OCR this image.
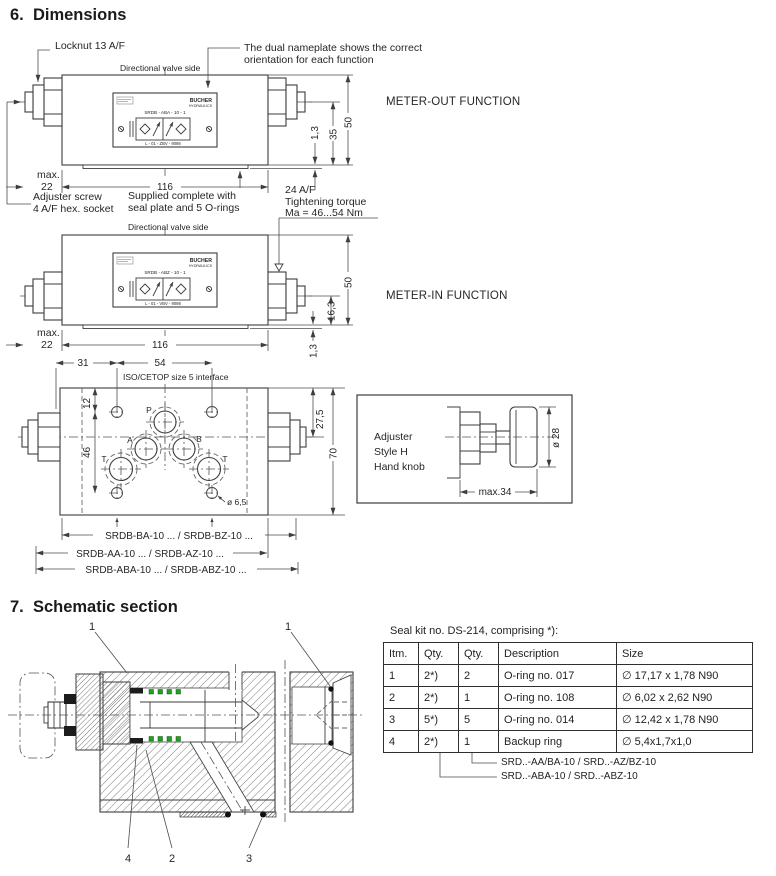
BUCHER
HYDRAULICS
SRDB - ABA - 10 - 1
L - 01 - ZBV - 9098
1,3 35
50
116
Locknut 13 A/F	The dual nameplate shows the correct
orientation for each function
Directional valve side
METER-OUT FUNCTION
max.
22
Adjuster screw
4 A/F hex. socket
Supplied complete with
seal plate and 5 O-rings
24 A/F
Tightening torque
Ma = 46...54 Nm
BUCHER
HYDRAULICS
SRDB - ABZ - 10 - 1
L - 01 - VBV - 9098
50
16,3
1,3
116
Directional valve side
METER-IN FUNCTION
max.
22
P
A	B
T	T
ø 6,5
31	54
ISO/CETOP size 5 interface
12
46
27,5
70
SRDB-BA-10 ... / SRDB-BZ-10 ...
SRDB-AA-10 ... / SRDB-AZ-10 ...
SRDB-ABA-10 ... / SRDB-ABZ-10 ...
Adjuster
Style H
Hand knob
ø 28
max.34
1	1
4	2	3
6. Dimensions
7. Schematic section
Seal kit no. DS-214, comprising *):
Itm.	Qty.	Qty.	Description	Size
1	2*)	2	O-ring no. 017	∅ 17,17 x 1,78 N90
2	2*)	1	O-ring no. 108	∅ 6,02 x 2,62 N90
3	5*)	5	O-ring no. 014	∅ 12,42 x 1,78 N90
4	2*)	1	Backup ring	∅ 5,4x1,7x1,0
SRD..-AA/BA-10 / SRD..-AZ/BZ-10
SRD..-ABA-10 / SRD..-ABZ-10
